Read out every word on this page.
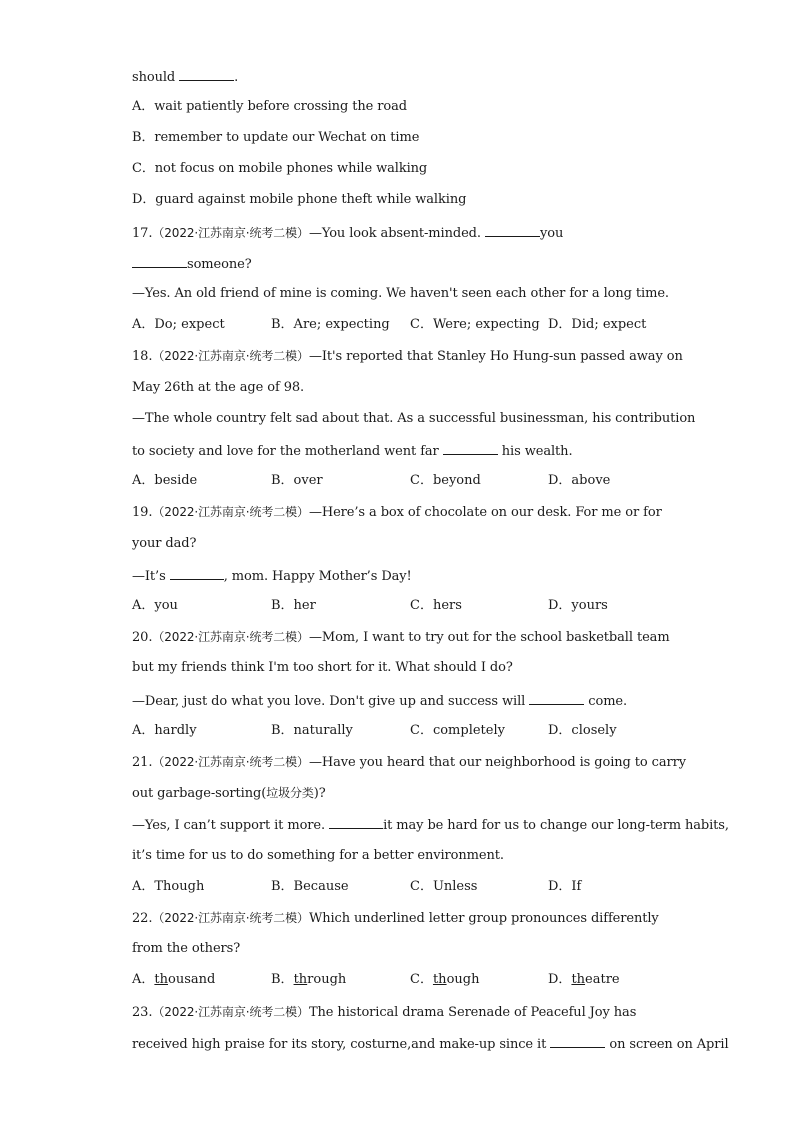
should	.
A．wait patiently before crossing the road
B．remember to update our Wechat on time
C．not focus on mobile phones while walking
D．guard against mobile phone theft while walking
17.（2022·江苏南京·统考二模）—You look absent-minded.	you
someone?
—Yes. An old friend of mine is coming. We haven't seen each other for a long time.
A．Do; expect	B．Are; expecting C．Were; expecting D．Did; expect
18.（2022·江苏南京·统考二模）—It's reported that Stanley Ho Hung-sun passed away on
May 26th at the age of 98.
—The whole country felt sad about that. As a successful businessman, his contribution
to society and love for the motherland went far	his wealth.
A．beside	B．over	C．beyond	D．above
19.（2022·江苏南京·统考二模）—Here’s a box of chocolate on our desk. For me or for
your dad?
—It’s	, mom. Happy Mother’s Day!
A．you	B．her	C．hers	D．yours
20.（2022·江苏南京·统考二模）—Mom, I want to try out for the school basketball team
but my friends think I'm too short for it. What should I do?
—Dear, just do what you love. Don't give up and success will	come.
A．hardly	B．naturally	C．completely	D．closely
21.（2022·江苏南京·统考二模）—Have you heard that our neighborhood is going to carry
out garbage-sorting(垃圾分类)?
—Yes, I can’t support it more.	it may be hard for us to change our long-term habits,
it’s time for us to do something for a better environment.
A．Though	B．Because	C．Unless	D．If
22.（2022·江苏南京·统考二模）Which underlined letter group pronounces differently
from the others?
A．thousand	B．through	C．though	D．theatre
23.（2022·江苏南京·统考二模）The historical drama Serenade of Peaceful Joy has
received high praise for its story, costurne,and make-up since it	on screen on April
